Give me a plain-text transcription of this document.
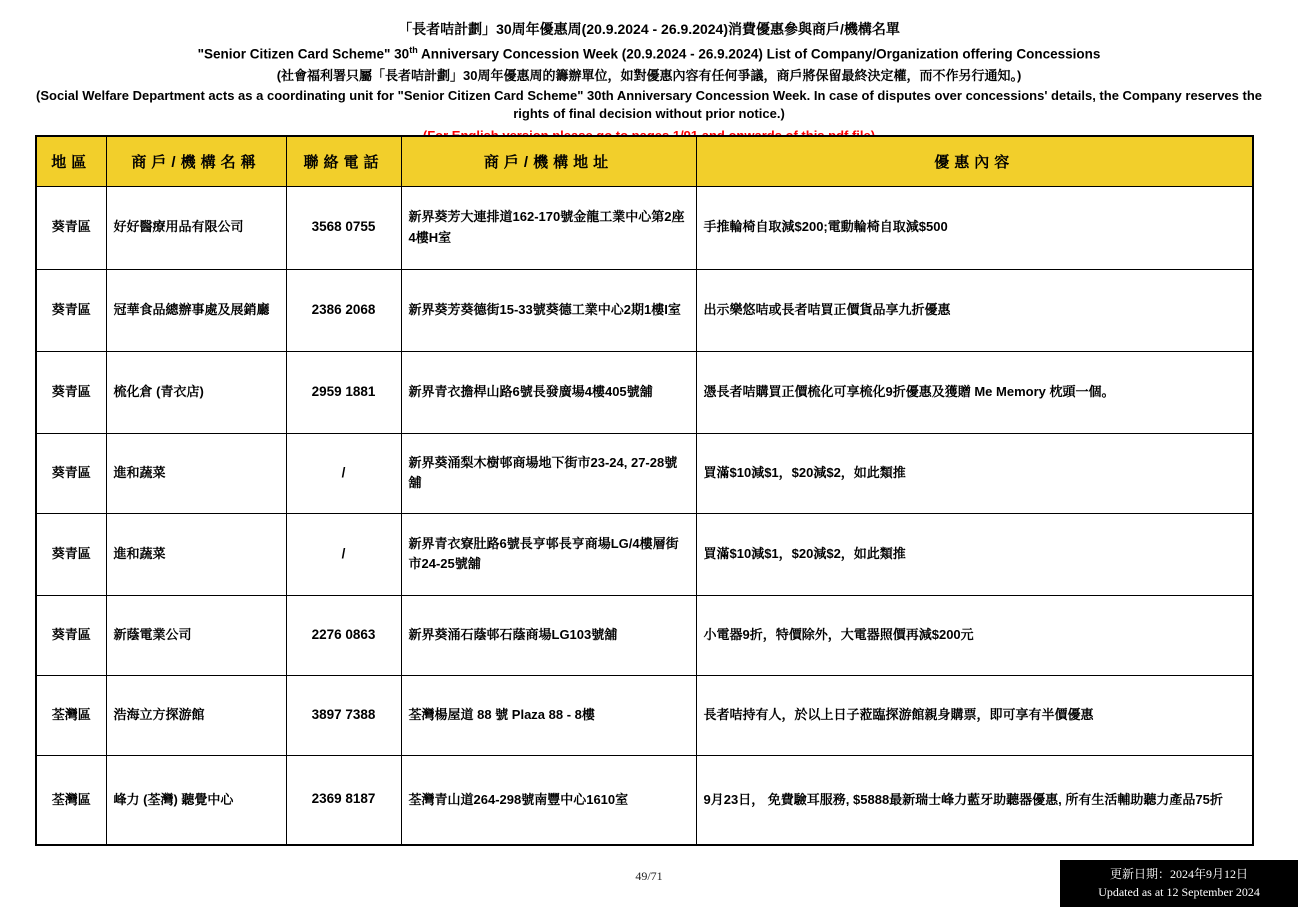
「長者咭計劃」30周年優惠周(20.9.2024 - 26.9.2024)消費優惠參與商戶/機構名單
"Senior Citizen Card Scheme" 30th Anniversary Concession Week (20.9.2024 - 26.9.2024) List of Company/Organization offering Concessions
(社會福利署只屬「長者咭計劃」30周年優惠周的籌辦單位，如對優惠內容有任何爭議，商戶將保留最終決定權，而不作另行通知。)
(Social Welfare Department acts as a coordinating unit for "Senior Citizen Card Scheme" 30th Anniversary Concession Week. In case of disputes over concessions' details, the Company reserves the rights of final decision without prior notice.)
地區	商戶/機構名稱	聯絡電話	商戶/機構地址	優惠內容
葵青區	好好醫療用品有限公司	3568 0755	新界葵芳大連排道162-170號金龍工業中心第2座4樓H室	手推輪椅自取減$200;電動輪椅自取減$500
葵青區	冠華食品總辦事處及展銷廳	2386 2068	新界葵芳葵德街15-33號葵德工業中心2期1樓I室	出示樂悠咭或長者咭買正價貨品享九折優惠
葵青區	梳化倉 (青衣店)	2959 1881	新界青衣擔桿山路6號長發廣場4樓405號舖	憑長者咭購買正價梳化可享梳化9折優惠及獲贈 Me Memory 枕頭一個。
葵青區	進和蔬菜	/	新界葵涌梨木樹邨商場地下街市23-24, 27-28號舖	買滿$10減$1，$20減$2，如此類推
葵青區	進和蔬菜	/	新界青衣寮肚路6號長亨邨長亨商場LG/4樓層街市24-25號舖	買滿$10減$1，$20減$2，如此類推
葵青區	新蔭電業公司	2276 0863	新界葵涌石蔭邨石蔭商場LG103號舖	小電器9折，特價除外，大電器照價再減$200元
荃灣區	浩海立方探游館	3897 7388	荃灣楊屋道 88 號 Plaza 88 - 8樓	長者咭持有人，於以上日子蒞臨探游館親身購票，即可享有半價優惠
荃灣區	峰力 (荃灣) 聽覺中心	2369 8187	荃灣青山道264-298號南豐中心1610室	9月23日， 免費驗耳服務, $5888最新瑞士峰力藍牙助聽器優惠, 所有生活輔助聽力產品75折
49/71	更新日期：2024年9月12日
Updated as at 12 September 2024
